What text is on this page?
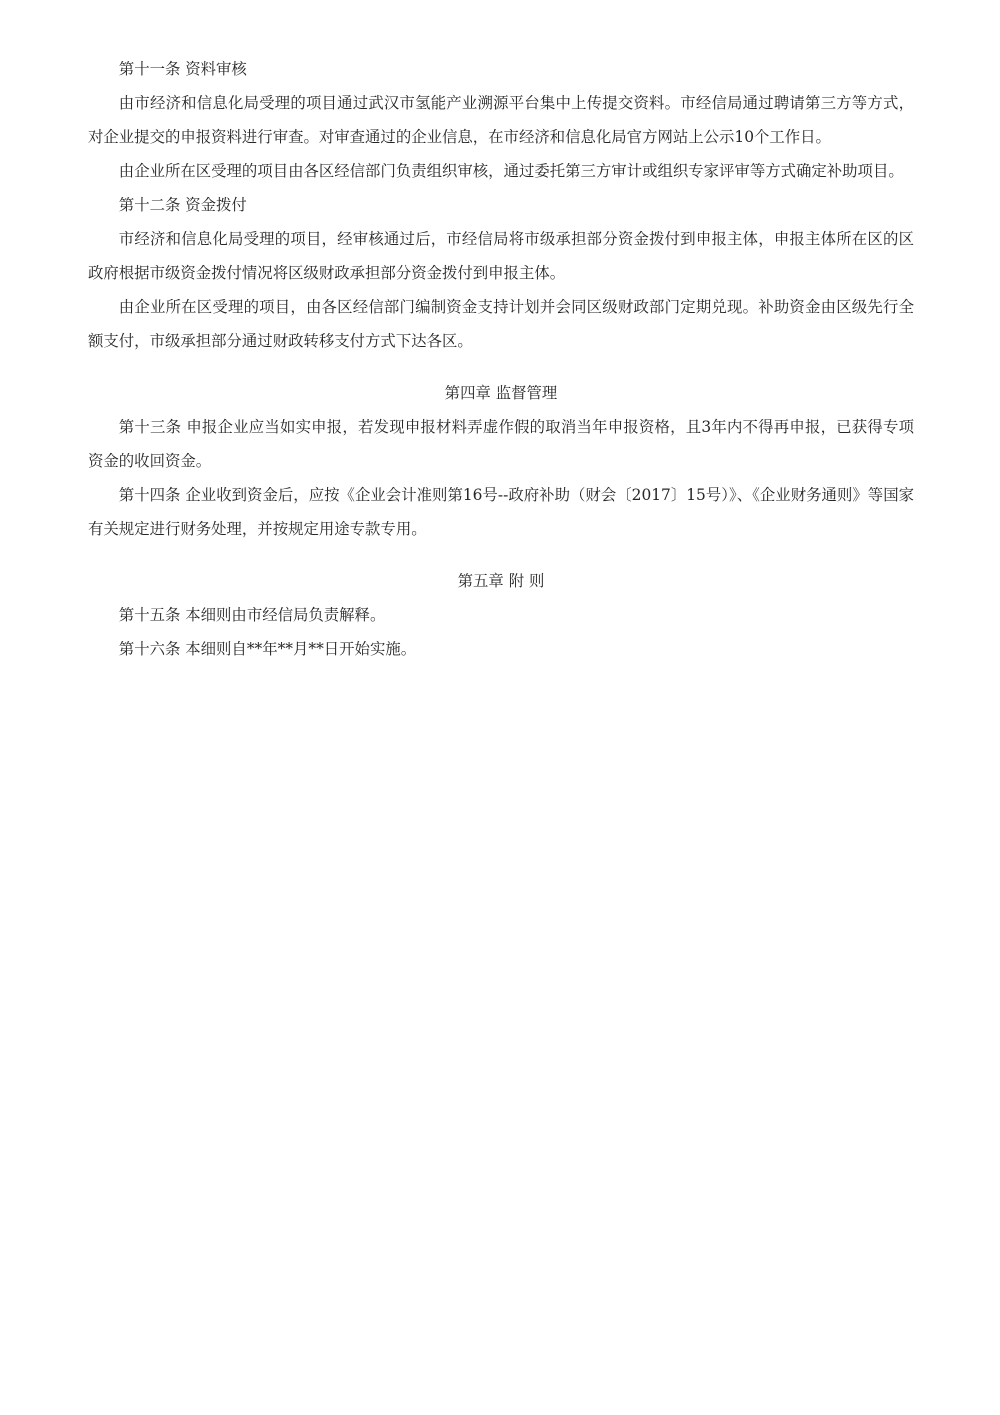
第十一条 资料审核

由市经济和信息化局受理的项目通过武汉市氢能产业溯源平台集中上传提交资料。市经信局通过聘请第三方等方式，对企业提交的申报资料进行审查。对审查通过的企业信息，在市经济和信息化局官方网站上公示10个工作日。

由企业所在区受理的项目由各区经信部门负责组织审核，通过委托第三方审计或组织专家评审等方式确定补助项目。

第十二条 资金拨付

市经济和信息化局受理的项目，经审核通过后，市经信局将市级承担部分资金拨付到申报主体，申报主体所在区的区政府根据市级资金拨付情况将区级财政承担部分资金拨付到申报主体。

由企业所在区受理的项目，由各区经信部门编制资金支持计划并会同区级财政部门定期兑现。补助资金由区级先行全额支付，市级承担部分通过财政转移支付方式下达各区。

第四章 监督管理

第十三条 申报企业应当如实申报，若发现申报材料弄虚作假的取消当年申报资格，且3年内不得再申报，已获得专项资金的收回资金。

第十四条 企业收到资金后，应按《企业会计准则第16号--政府补助（财会〔2017〕15号）》、《企业财务通则》等国家有关规定进行财务处理，并按规定用途专款专用。

第五章 附 则

第十五条 本细则由市经信局负责解释。

第十六条 本细则自**年**月**日开始实施。
